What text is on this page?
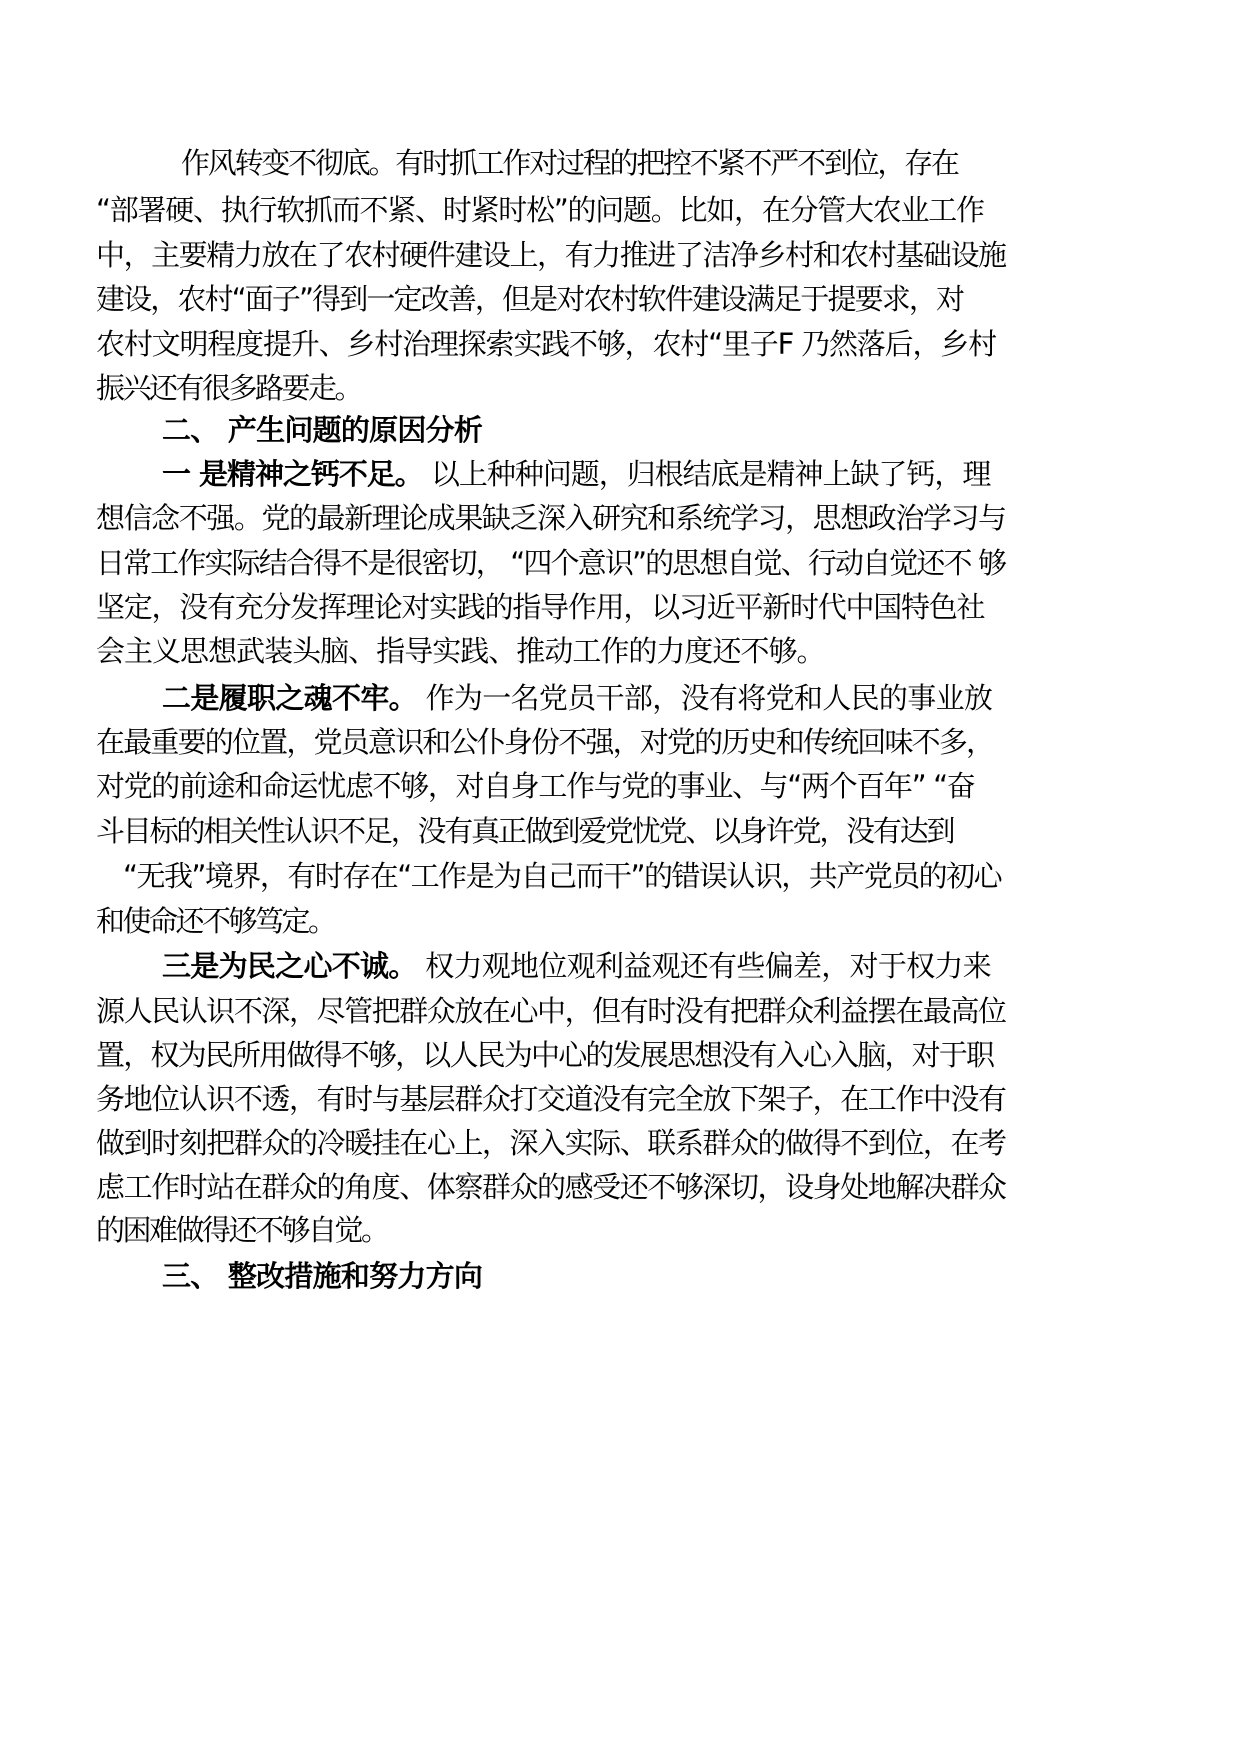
作风转变不彻底。有时抓工作对过程的把控不紧不严不到位，存在
“部署硬、执行软抓而不紧、时紧时松”的问题。比如，在分管大农业工作
中，主要精力放在了农村硬件建设上，有力推进了洁净乡村和农村基础设施
建设，农村“面子”得到一定改善，但是对农村软件建设满足于提要求，对
农村文明程度提升、乡村治理探索实践不够，农村“里子F 乃然落后，乡村
振兴还有很多路要走。
二、 产生问题的原因分析
一 是精神之钙不足。 以上种种问题，归根结底是精神上缺了钙，理
想信念不强。党的最新理论成果缺乏深入研究和系统学习，思想政治学习与
日常工作实际结合得不是很密切， “四个意识”的思想自觉、行动自觉还不 够
坚定，没有充分发挥理论对实践的指导作用，以习近平新时代中国特色社
会主义思想武装头脑、指导实践、推动工作的力度还不够。
二是履职之魂不牢。 作为一名党员干部，没有将党和人民的事业放
在最重要的位置，党员意识和公仆身份不强，对党的历史和传统回味不多，
对党的前途和命运忧虑不够，对自身工作与党的事业、与“两个百年” “奋
斗目标的相关性认识不足，没有真正做到爱党忧党、以身许党，没有达到
“无我”境界，有时存在“工作是为自己而干”的错误认识，共产党员的初心
和使命还不够笃定。
三是为民之心不诚。 权力观地位观利益观还有些偏差，对于权力来
源人民认识不深，尽管把群众放在心中，但有时没有把群众利益摆在最高位
置，权为民所用做得不够，以人民为中心的发展思想没有入心入脑，对于职
务地位认识不透，有时与基层群众打交道没有完全放下架子，在工作中没有
做到时刻把群众的冷暖挂在心上，深入实际、联系群众的做得不到位，在考
虑工作时站在群众的角度、体察群众的感受还不够深切，设身处地解决群众
的困难做得还不够自觉。
三、 整改措施和努力方向
